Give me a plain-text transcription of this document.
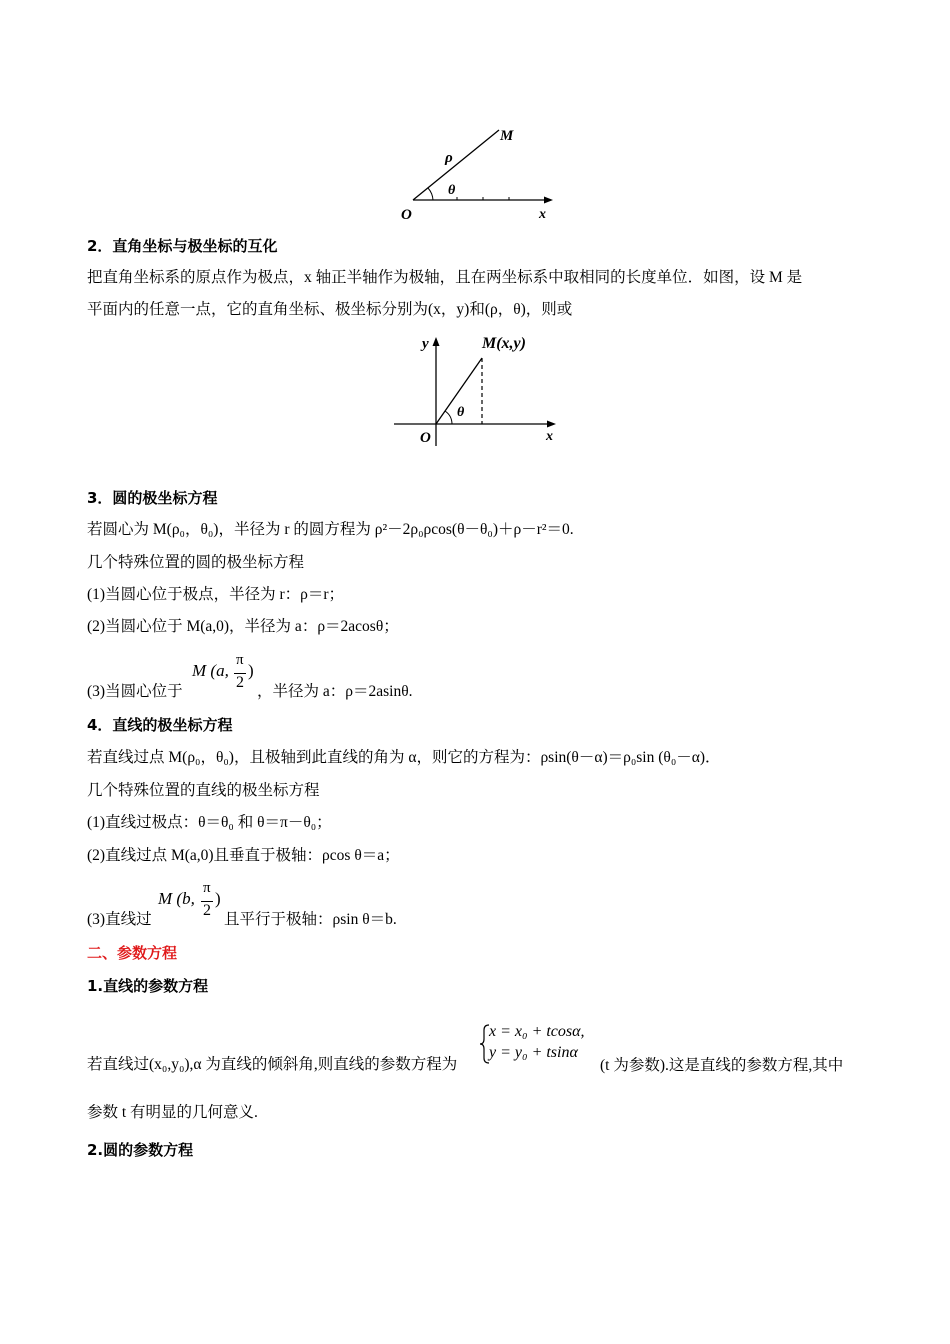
M
ρ
θ
O	x
2．直角坐标与极坐标的互化
把直角坐标系的原点作为极点，x 轴正半轴作为极轴，且在两坐标系中取相同的长度单位．如图，设 M 是
平面内的任意一点，它的直角坐标、极坐标分别为(x，y)和(ρ，θ)，则或
y	M(x,y)
θ
O	x
3．圆的极坐标方程
若圆心为 M(ρ₀，θ₀)，半径为 r 的圆方程为 ρ²－2ρ₀ρcos(θ－θ₀)＋ρ－r²＝0.
几个特殊位置的圆的极坐标方程
(1)当圆心位于极点，半径为 r：ρ＝r；
(2)当圆心位于 M(a,0)，半径为 a：ρ＝2acosθ；
(3)当圆心位于
M (a,
π
2
)
，半径为 a：ρ＝2asinθ.
4．直线的极坐标方程
若直线过点 M(ρ₀，θ₀)，且极轴到此直线的角为 α，则它的方程为：ρsin(θ－α)＝ρ₀sin (θ₀－α)．
几个特殊位置的直线的极坐标方程
(1)直线过极点：θ＝θ₀ 和 θ＝π－θ₀；
(2)直线过点 M(a,0)且垂直于极轴：ρcos θ＝a；
(3)直线过
M (b,
π
2
)
且平行于极轴：ρsin θ＝b.
二、参数方程
1.直线的参数方程
若直线过(x₀,y₀),α 为直线的倾斜角,则直线的参数方程为
x = x₀ + tcosα,
y = y₀ + tsinα
(t 为参数).这是直线的参数方程,其中
参数 t 有明显的几何意义.
2.圆的参数方程
